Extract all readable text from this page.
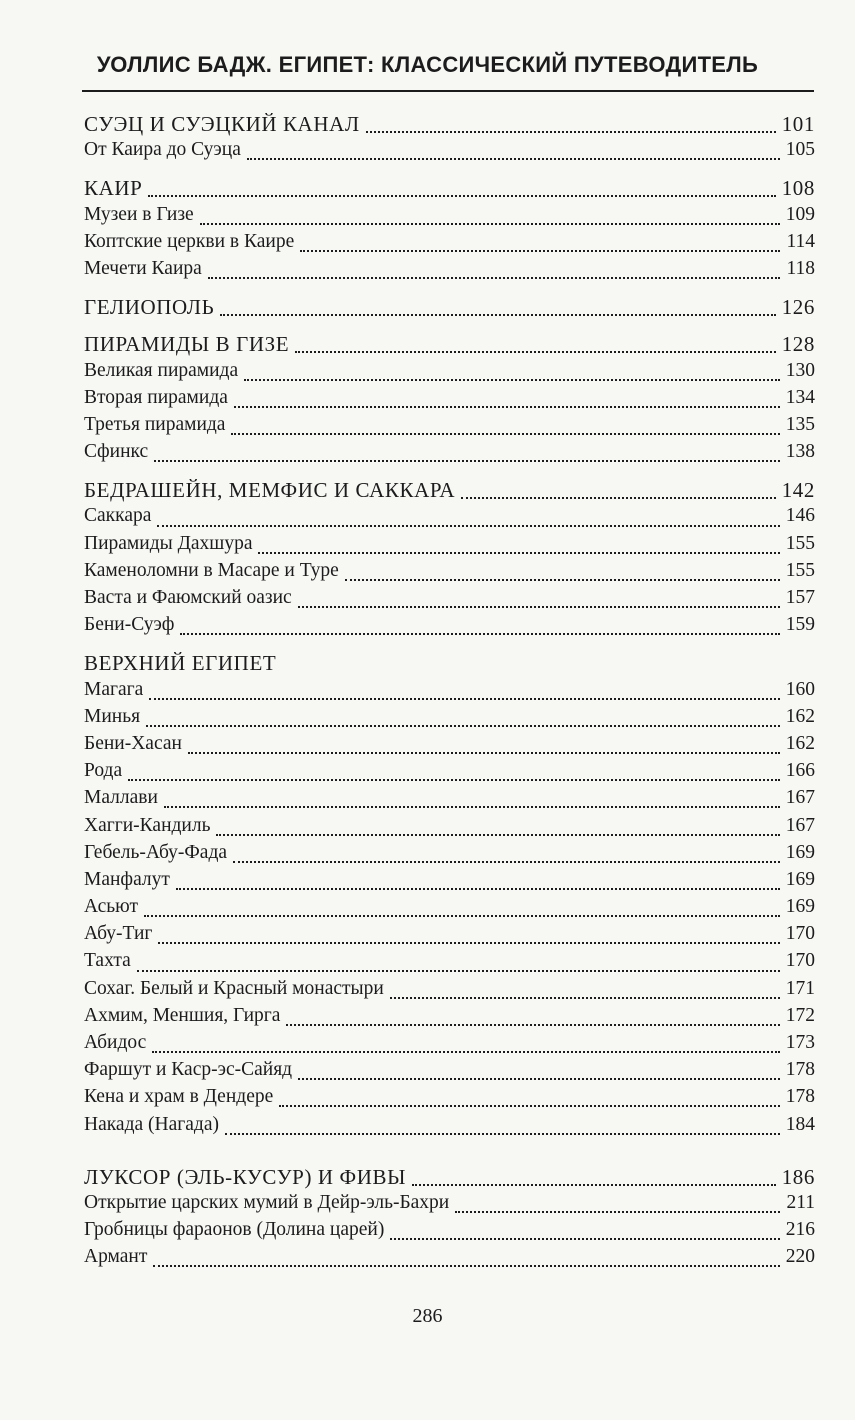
УОЛЛИС БАДЖ. ЕГИПЕТ: КЛАССИЧЕСКИЙ ПУТЕВОДИТЕЛЬ
СУЭЦ И СУЭЦКИЙ КАНАЛ	101
От Каира до Суэца	105
КАИР	108
Музеи в Гизе	109
Коптские церкви в Каире	114
Мечети Каира	118
ГЕЛИОПОЛЬ	126
ПИРАМИДЫ В ГИЗЕ	128
Великая пирамида	130
Вторая пирамида	134
Третья пирамида	135
Сфинкс	138
БЕДРАШЕЙН, МЕМФИС И САККАРА	142
Саккара	146
Пирамиды Дахшура	155
Каменоломни в Масаре и Туре	155
Васта и Фаюмский оазис	157
Бени-Суэф	159
ВЕРХНИЙ ЕГИПЕТ
Магага	160
Минья	162
Бени-Хасан	162
Рода	166
Маллави	167
Хагги-Кандиль	167
Гебель-Абу-Фада	169
Манфалут	169
Асьют	169
Абу-Тиг	170
Тахта	170
Сохаг. Белый и Красный монастыри	171
Ахмим, Меншия, Гирга	172
Абидос	173
Фаршут и Каср-эс-Сайяд	178
Кена и храм в Дендере	178
Накада (Нагада)	184
ЛУКСОР (ЭЛЬ-КУСУР) И ФИВЫ	186
Открытие царских мумий в Дейр-эль-Бахри	211
Гробницы фараонов (Долина царей)	216
Армант	220
286
